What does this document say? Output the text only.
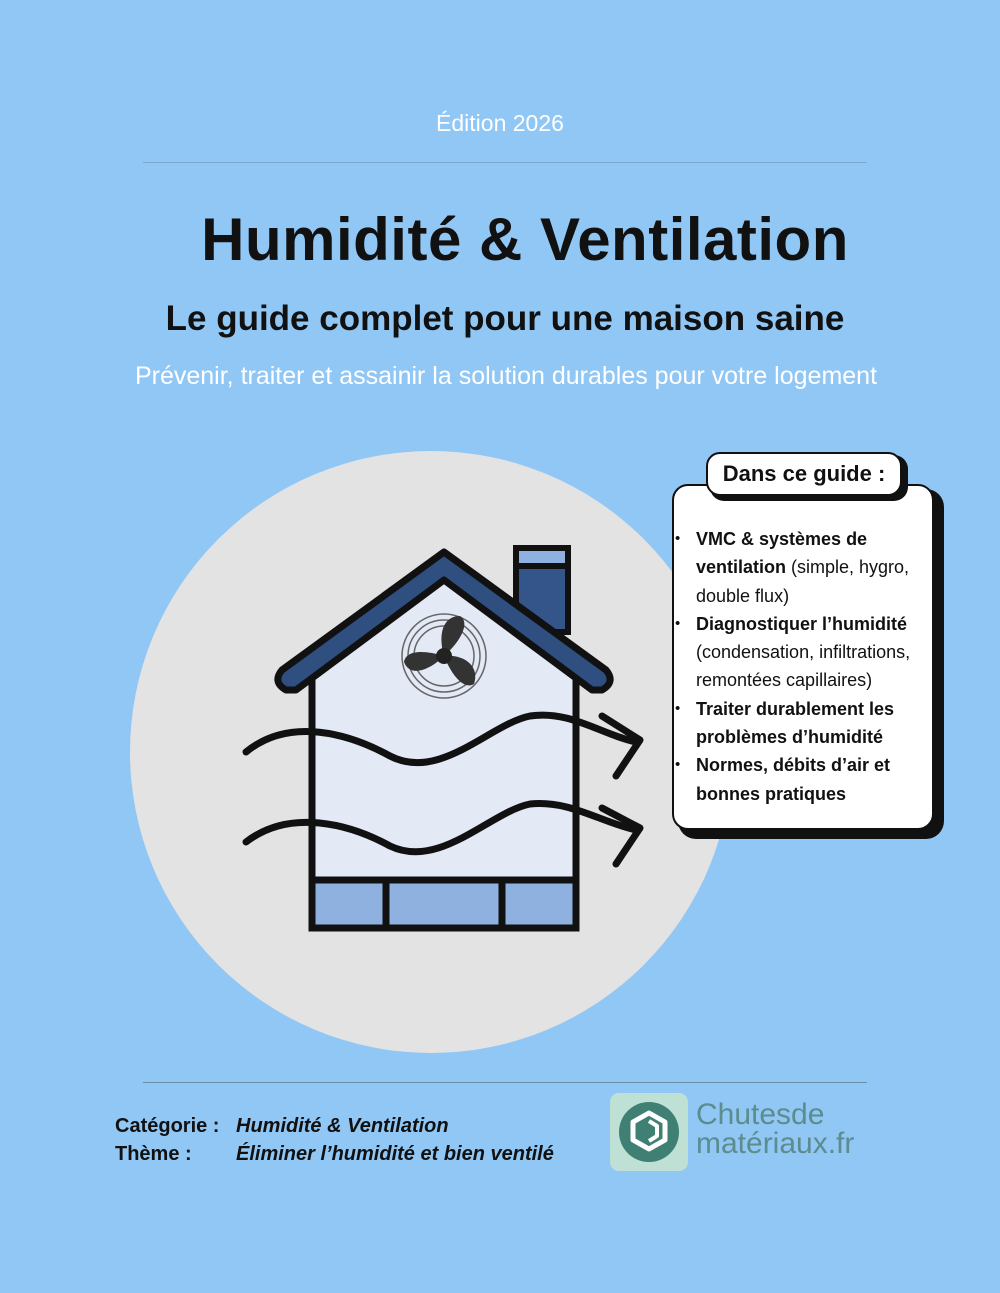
Édition 2026
Humidité & Ventilation
Le guide complet pour une maison saine
Prévenir, traiter et assainir la solution durables pour votre logement
Dans ce guide :
• VMC & systèmes de ventilation (simple, hygro, double flux)
• Diagnostiquer l’humidité (condensation, infiltrations, remontées capillaires)
• Traiter durablement les problèmes d’humidité
• Normes, débits d’air et bonnes pratiques
Catégorie : Humidité & Ventilation
Thème : Éliminer l’humidité et bien ventilé
Chutesde
matériaux.fr
